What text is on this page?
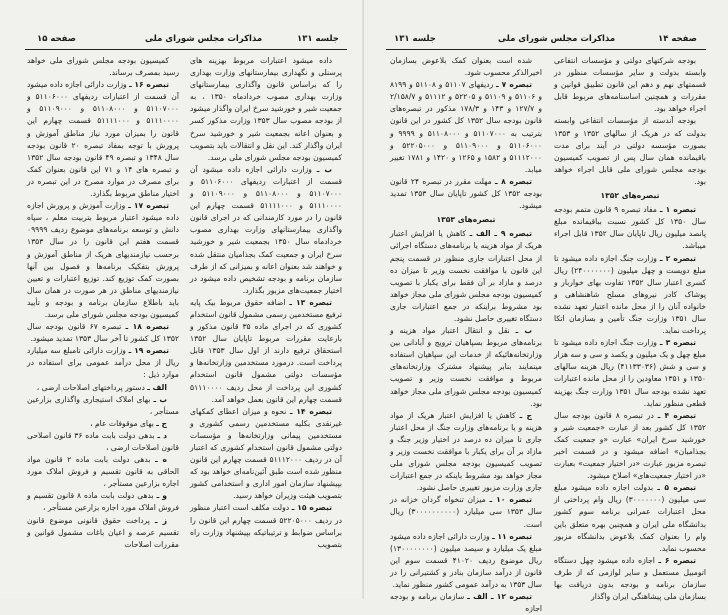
صفحه ۱۵	مذاکرات مجلس شورای ملی	جلسه ۱۳۱

داده میشود اعتبارات مربوط بهزینه های پرسنلی و نگهداری بیمارستانهای وزارت بهداری را که براساس قانون واگذاری بیمارستانهای وزارت بهداری مصوب خردادماه ۱۳۵۰ ، به جمعیت شیر و خورشید سرخ ایران واگذار میشود از بودجه مصوب سال ۱۳۵۳ وزارت مذکور کسر و بعنوان اعانه بجمعیت شیر و خورشید سرخ ایران واگذار کند. این نقل و انتقالات باید بتصویب کمیسیون بودجه مجلس شورای ملی برسد.

ب ـ وزارت دارائی اجازه داده میشود آن قسمت از اعتبارات ردیفهای ۵۱۱۰۶۰۰۰ و ۵۱۱۰۷۰۰۰ و ۵۱۱۰۸۰۰۰ و ۵۱۱۰۹۰۰۰ و ۵۱۱۱۰۰۰۰ و ۵۱۱۱۱۰۰۰ قسمت چهارم این قانون را در مورد کارمندانی که در اجرای قانون واگذاری بیمارستانهای وزارت بهداری مصوب خردادماه سال ۱۳۵۰ بجمعیت شیر و خورشید سرخ ایران و جمعیت کمک بجذامیان منتقل شده و خواهند شد بعنوان اعانه و بمیزانی که از طرف سازمان برنامه و بودجه تشخیص داده میشود در اختیار جمعیت‌های مزبور بگذارد.

تبصره ۱۳ ـ اضافه حقوق مربوط بیک پایه ترفیع مستخدمین رسمی مشمول قانون استخدام کشوری که در اجرای ماده ۳۵ قانون مذکور و بارعایت مقررات مربوط تاپایان سال ۱۳۵۲ استحقاق ترفیع دارند از اول سال ۱۳۵۳ قابل پرداخت است. درمورد مستخدمین وزارتخانه‌ها و مؤسسات دولتی مشمول قانون استخدام کشوری این پرداخت از محل ردیف ۵۱۱۱۰۰۰۰ قسمت چهارم این قانون بعمل خواهد آمد.

تبصره ۱۴ ـ نحوه و میزان اعطای کمکهای غیرنقدی بکلیه مستخدمین رسمی کشوری و مستخدمین پیمانی وزارتخانه‌ها و مؤسسات دولتی مشمول قانون استخدام کشوری که اعتبار آن در ردیف ۵۱۱۱۲۰۰۰ قسمت چهارم این قانون منظور شده است طبق آئین‌نامه‌ای خواهد بود که بپیشنهاد سازمان امور اداری و استخدامی کشور بتصویب هیئت وزیران خواهد رسید.

تبصره ۱۵ ـ دولت مکلف است اعتبار منظور در ردیف ۵۲۲۰۵۰۰۰ قسمت چهارم این قانون را براساس ضوابط و ترتیباتیکه بپیشنهاد وزارت راه بتصویب

کمیسیون بودجه مجلس شورای ملی خواهد رسید بمصرف برساند.

تبصره ۱۶ ـ وزارت دارائی اجازه داده میشود آن قسمت از اعتبارات ردیفهای ۵۱۱۰۶۰۰۰ و ۵۱۱۰۷۰۰۰ و ۵۱۱۰۸۰۰۰ و ۵۱۱۰۹۰۰۰ و ۵۱۱۱۰۰۰۰ و ۵۱۱۱۱۰۰۰ قسمت چهارم این قانون را بمیزان مورد نیاز مناطق آموزش و پرورش با توجه بمفاد تبصره ۲۰ قانون بودجه سال ۱۳۴۸ و تبصره ۴۹ قانون بودجه سال ۱۳۵۲ و تبصره های ۱۴ و ۷۱ این قانون بعنوان کمک برای مصرف در موارد مصرح در این تبصره در اختیار مناطق مربوط بگذارد.

تبصره ۱۷ ـ وزارت آموزش و پرورش اجازه داده میشود اعتبار مربوط بتربیت معلم ، سپاه دانش و توسعه برنامه‌های موضوع ردیف ۰۹۹۹۹ قسمت هفتم این قانون را در سال ۱۳۵۳ برحسب نیازمندیهای هریک از مناطق آموزش و پرورش بتفکیک برنامه‌ها و فصول بین آنها بصورت کمک توزیع کند. توزیع اعتبارات و تعیین نیازمندیهای مناطق در هر صورت در همان سال باید باطلاع سازمان برنامه و بودجه و تأیید کمیسیون بودجه مجلس شورای ملی برسد.

تبصره ۱۸ ـ تبصره ۶۷ قانون بودجه سال ۱۳۵۲ کل کشور تا آخر سال ۱۳۵۳ تمدید میشود.

تبصره ۱۹ ـ وزارت دارائی تامبلغ سه میلیارد ریال از محل درآمد عمومی برای استفاده در موارد ذیل :

الف ـ دستور پرداختهای اصلاحات ارضی ،

ب ـ بهای املاک استیجاری واگذاری بزارعین مستأجر ،

ج ـ بهای موقوفات عام ،

د ـ بدهی دولت بابت ماده ۳۶ قانون اصلاحی قانون اصلاحات ارضی ،

ه ـ بدهی دولت بابت ماده ۲ قانون مواد الحاقی به قانون تقسیم و فروش املاک مورد اجاره بزارعین مستأجر ،

و ـ بدهی دولت بابت ماده ۸ قانون تقسیم و فروش املاک مورد اجاره بزارعین مستأجر ،

ز ـ پرداخت حقوق قانونی موضوع قانون تقسیم عرصه و اعیان باغات مشمول قوانین و مقررات اصلاحات

جلسه ۱۳۱	مذاکرات مجلس شورای ملی	صفحه ۱۴

بودجه شرکتهای دولتی و مؤسسات انتفاعی وابسته بدولت و سایر مؤسسات منظور در قسمتهای نهم و دهم این قانون تطبیق قوانین و مقررات و همچنین اساسنامه‌های مربوط قابل اجراء خواهد بود.

بودجه آندسته از مؤسسات انتفاعی وابسته بدولت که در هریک از سالهای ۱۳۵۲ و ۱۳۵۳ بصورت مؤسسه دولتی در آیند برای مدت باقیمانده همان سال پس از تصویب کمیسیون بودجه مجلس شورای ملی قابل اجراء خواهد بود.

تبصره‌های ۱۳۵۲

تبصره ۱ ـ مفاد تبصره ۹ قانون متمم بودجه سال ۱۳۵۰ کل کشور نسبت بباقیمانده مبلغ پانصد میلیون ریال تاپایان سال ۱۳۵۲ قابل اجراء میباشد.

تبصره ۲ ـ وزارت جنگ اجازه داده میشود تا مبلغ دویست و چهل میلیون (۲۴۰۰۰۰۰۰۰) ریال کسری اعتبار سال ۱۳۵۲ تفاوت بهای خواربار و پوشاک کادر نیروهای مسلح شاهنشاهی و خانواده آنان را از محل مانده اعتبار تعهد نشده سال ۱۳۵۱ وزارت جنگ تأمین و بسازمان اتکا پرداخت نماید.

تبصره ۳ ـ وزارت جنگ اجازه داده میشود تا مبلغ چهل و یک میلیون و یکصد و سی و سه هزار و سی و شش (۴۱۱۳۳۰۳۶) ریال هزینه سالهای ۱۳۵۰ و ۱۳۵۱ معاودین را از محل مانده اعتبارات تعهد نشده بودجه سال ۱۳۵۱ وزارت جنگ بهزینه قطعی منظور نماید.

تبصره ۴ ـ در تبصره ۸ قانون بودجه سال ۱۳۵۲ کل کشور بعد از عبارت «جمعیت شیر و خورشید سرخ ایران» عبارت «و جمعیت کمک بجذامیان» اضافه میشود و در قسمت اخیر تبصره مزبور عبارت «در اختیار جمعیت» بعبارت «در اختیار جمعیت‌های» اصلاح میشود.

تبصره ۵ ـ بدولت اجازه داده میشود مبلغ سی میلیون (۳۰۰۰۰۰۰۰) ریال وام پرداختی از محل اعتبارات عمرانی برنامه سوم کشور بدانشگاه ملی ایران و همچنین بهره متعلق باین وام را بعنوان کمک بلاعوض بدانشگاه مزبور محسوب نماید.

تبصره ۶ ـ اجازه داده میشود چهل دستگاه اتومبیل مستعمل و سایر لوازمی که از طرف سازمان برنامه و بودجه بدون دریافت بها بسازمان ملی پیشاهنگی ایران واگذار

شده است بعنوان کمک بلاعوض بسازمان اخیرالذکر محسوب شود.

تبصره ۷ ـ ردیفهای ۵۱۱۰۷ و ۵۱۱۰۸ و ۸۱۹۹ و ۵۱۱۰۶ و ۵۱۱۰۹ و ۵۲۲۰۵ و ۵۱۱۱۲ و ۲/۱۵۸/۷ و ۱۲۷/۷ و ۱۴۳ و ۱۷۸/۳ مذکور در تبصره‌های قانون بودجه سال ۱۳۵۲ کل کشور در این قانون بترتیب به ۵۱۱۰۷۰۰۰ و ۵۱۱۰۸۰۰۰ و ۹۹۹۹ و ۵۱۱۰۶۰۰۰ و ۵۱۱۰۹۰۰۰ و ۵۲۲۰۵۰۰۰ و ۵۱۱۱۲۰۰۰ و ۱۵۸۲ و ۱۲۶۵ و ۱۴۲۰ و ۱۷۸۱ تغییر میابد.

تبصره ۸ ـ مهلت مقرر در تبصره ۲۴ قانون بودجه ۱۳۵۲ کل کشور تاپایان سال ۱۳۵۳ تمدید میشود.

تبصره‌های ۱۳۵۳

تبصره ۹ ـ الف ـ کاهش یا افزایش اعتبار هریک از مواد هزینه یا برنامه‌های دستگاه اجرائی از محل اعتبارات جاری منظور در قسمت پنجم این قانون با موافقت نخست وزیر تا میزان ده درصد و مازاد بر آن فقط برای یکبار با تصویب کمیسیون بودجه مجلس شورای ملی مجاز خواهد بود مشروط براینکه در جمع اعتبارات جاری دستگاه تغییری حاصل نشود.

ب ـ نقل و انتقال اعتبار مواد هزینه و برنامه‌های مربوط بسپاهیان ترویج و آبادانی بین وزارتخانه‌هائیکه از خدمات این سپاهیان استفاده مینمایند بنابر پیشنهاد مشترک وزارتخانه‌های مربوط و موافقت نخست وزیر و تصویب کمیسیون بودجه مجلس شورای ملی مجاز خواهد بود.

ج ـ کاهش یا افزایش اعتبار هریک از مواد هزینه و یا برنامه‌های وزارت جنگ از محل اعتبار جاری تا میزان ده درصد در اختیار وزیر جنگ و مازاد بر آن برای یکبار با موافقت نخست وزیر و تصویب کمیسیون بودجه مجلس شورای ملی مجاز خواهد بود مشروط باینکه در جمع اعتبارات جاری وزارت مزبور تغییری حاصل نشود.

تبصره ۱۰ ـ میزان تنخواه گردان خزانه در سال ۱۳۵۳ سی میلیارد (۳۰۰۰۰۰۰۰۰۰۰) ریال است.

تبصره ۱۱ ـ وزارت دارائی اجازه داده میشود مبلغ یک میلیارد و سیصد میلیون (۱۳۰۰۰۰۰۰۰۰) ریال موضوع ردیف ۴۱۰۲۰ قسمت سوم این قانون از درآمد سازمان بنادر و کشتیرانی را در سال ۱۳۵۳ به درآمد عمومی کشور منظور نماید.

تبصره ۱۲ ـ الف ـ سازمان برنامه و بودجه اجازه
